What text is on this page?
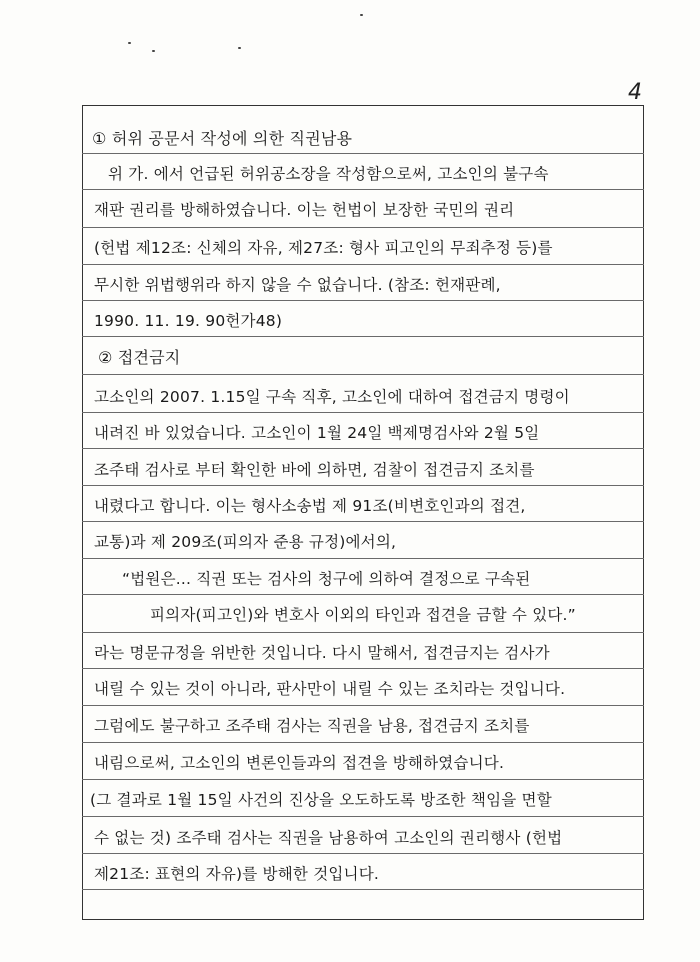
4
① 허위 공문서 작성에 의한 직권남용
위 가. 에서 언급된 허위공소장을 작성함으로써, 고소인의 불구속
재판 권리를 방해하였습니다. 이는 헌법이 보장한 국민의 권리
(헌법 제12조: 신체의 자유, 제27조: 형사 피고인의 무죄추정 등)를
무시한 위법행위라 하지 않을 수 없습니다. (참조: 헌재판례,
1990. 11. 19. 90헌가48)
② 접견금지
고소인의 2007. 1.15일 구속 직후, 고소인에 대하여 접견금지 명령이
내려진 바 있었습니다. 고소인이 1월 24일 백제명검사와 2월 5일
조주태 검사로 부터 확인한 바에 의하면, 검찰이 접견금지 조치를
내렸다고 합니다. 이는 형사소송법 제 91조(비변호인과의 접견,
교통)과 제 209조(피의자 준용 규정)에서의,
“법원은... 직권 또는 검사의 청구에 의하여 결정으로 구속된
피의자(피고인)와 변호사 이외의 타인과 접견을 금할 수 있다.”
라는 명문규정을 위반한 것입니다. 다시 말해서, 접견금지는 검사가
내릴 수 있는 것이 아니라, 판사만이 내릴 수 있는 조치라는 것입니다.
그럼에도 불구하고 조주태 검사는 직권을 남용, 접견금지 조치를
내림으로써, 고소인의 변론인들과의 접견을 방해하였습니다.
(그 결과로 1월 15일 사건의 진상을 오도하도록 방조한 책임을 면할
수 없는 것) 조주태 검사는 직권을 남용하여 고소인의 권리행사 (헌법
제21조: 표현의 자유)를 방해한 것입니다.
